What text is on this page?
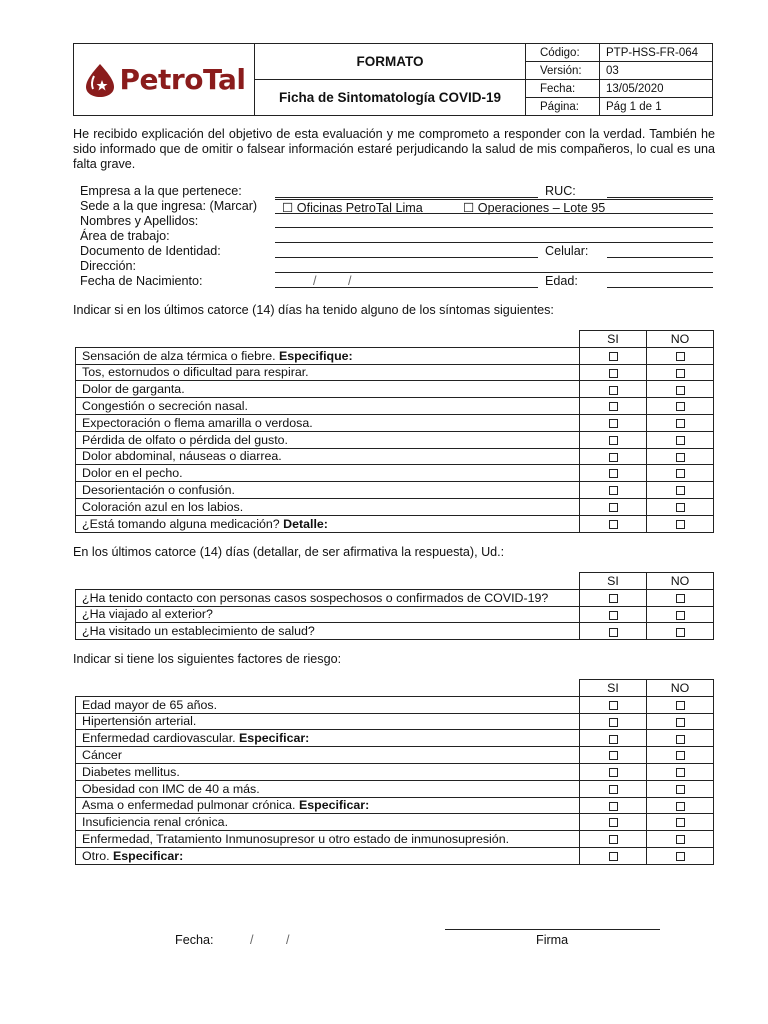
PetroTal
FORMATO
Ficha de Sintomatología COVID-19
Código:	PTP-HSS-FR-064
Versión:	03
Fecha:	13/05/2020
Página:	Pág 1 de 1

He recibido explicación del objetivo de esta evaluación y me comprometo a responder con la verdad. También he sido informado que de omitir o falsear información estaré perjudicando la salud de mis compañeros, lo cual es una falta grave.

Empresa a la que pertenece:	RUC:
Sede a la que ingresa: (Marcar) ☐ Oficinas PetroTal Lima	☐ Operaciones – Lote 95
Nombres y Apellidos:
Área de trabajo:
Documento de Identidad:	Celular:
Dirección:
Fecha de Nacimiento:	/	/	Edad:
Indicar si en los últimos catorce (14) días ha tenido alguno de los síntomas siguientes:
	SI	NO
Sensación de alza térmica o fiebre. Especifique:		
Tos, estornudos o dificultad para respirar.		
Dolor de garganta.		
Congestión o secreción nasal.		
Expectoración o flema amarilla o verdosa.		
Pérdida de olfato o pérdida del gusto.		
Dolor abdominal, náuseas o diarrea.		
Dolor en el pecho.		
Desorientación o confusión.		
Coloración azul en los labios.		
¿Está tomando alguna medicación? Detalle:		
En los últimos catorce (14) días (detallar, de ser afirmativa la respuesta), Ud.:
	SI	NO
¿Ha tenido contacto con personas casos sospechosos o confirmados de COVID-19?		
¿Ha viajado al exterior?		
¿Ha visitado un establecimiento de salud?		
Indicar si tiene los siguientes factores de riesgo:
	SI	NO
Edad mayor de 65 años.		
Hipertensión arterial.		
Enfermedad cardiovascular. Especificar:		
Cáncer		
Diabetes mellitus.		
Obesidad con IMC de 40 a más.		
Asma o enfermedad pulmonar crónica. Especificar:		
Insuficiencia renal crónica.		
Enfermedad, Tratamiento Inmunosupresor u otro estado de inmunosupresión.		
Otro. Especificar:		
Fecha:	/	/	Firma
